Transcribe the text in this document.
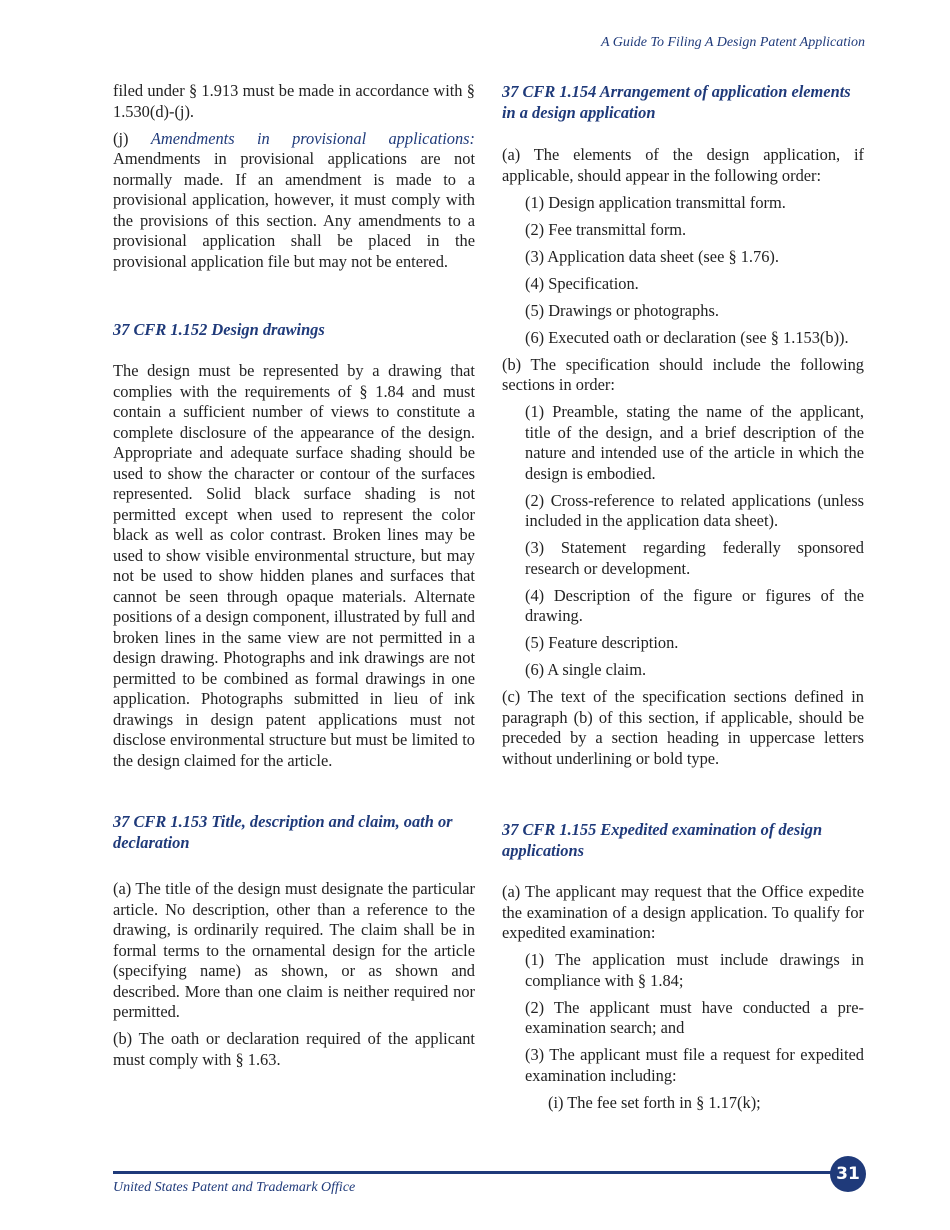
A Guide To Filing A Design Patent Application

filed under § 1.913 must be made in accordance with § 1.530(d)-(j).

(j) Amendments in provisional applications: Amendments in provisional applications are not normally made. If an amendment is made to a provisional application, however, it must comply with the provisions of this section. Any amendments to a provisional application shall be placed in the provisional application file but may not be entered.

37 CFR 1.152 Design drawings

The design must be represented by a drawing that complies with the requirements of § 1.84 and must contain a sufficient number of views to constitute a complete disclosure of the appearance of the design. Appropriate and adequate surface shading should be used to show the character or contour of the surfaces represented. Solid black surface shading is not permitted except when used to represent the color black as well as color contrast. Broken lines may be used to show visible environmental structure, but may not be used to show hidden planes and surfaces that cannot be seen through opaque materials. Alternate positions of a design component, illustrated by full and broken lines in the same view are not permitted in a design drawing. Photographs and ink drawings are not permitted to be combined as formal drawings in one application. Photographs submitted in lieu of ink drawings in design patent applications must not disclose environmental structure but must be limited to the design claimed for the article.

37 CFR 1.153 Title, description and claim, oath or declaration

(a) The title of the design must designate the particular article. No description, other than a reference to the drawing, is ordinarily required. The claim shall be in formal terms to the ornamental design for the article (specifying name) as shown, or as shown and described. More than one claim is neither required nor permitted.

(b) The oath or declaration required of the applicant must comply with § 1.63.

37 CFR 1.154 Arrangement of application elements in a design application

(a) The elements of the design application, if applicable, should appear in the following order:

(1) Design application transmittal form.

(2) Fee transmittal form.

(3) Application data sheet (see § 1.76).

(4) Specification.

(5) Drawings or photographs.

(6) Executed oath or declaration (see § 1.153(b)).

(b) The specification should include the following sections in order:

(1) Preamble, stating the name of the applicant, title of the design, and a brief description of the nature and intended use of the article in which the design is embodied.

(2) Cross-reference to related applications (unless included in the application data sheet).

(3) Statement regarding federally sponsored research or development.

(4) Description of the figure or figures of the drawing.

(5) Feature description.

(6) A single claim.

(c) The text of the specification sections defined in paragraph (b) of this section, if applicable, should be preceded by a section heading in uppercase letters without underlining or bold type.

37 CFR 1.155 Expedited examination of design applications

(a) The applicant may request that the Office expedite the examination of a design application. To qualify for expedited examination:

(1) The application must include drawings in compliance with § 1.84;

(2) The applicant must have conducted a pre-examination search; and

(3) The applicant must file a request for expedited examination including:

(i) The fee set forth in § 1.17(k);

31
United States Patent and Trademark Office
